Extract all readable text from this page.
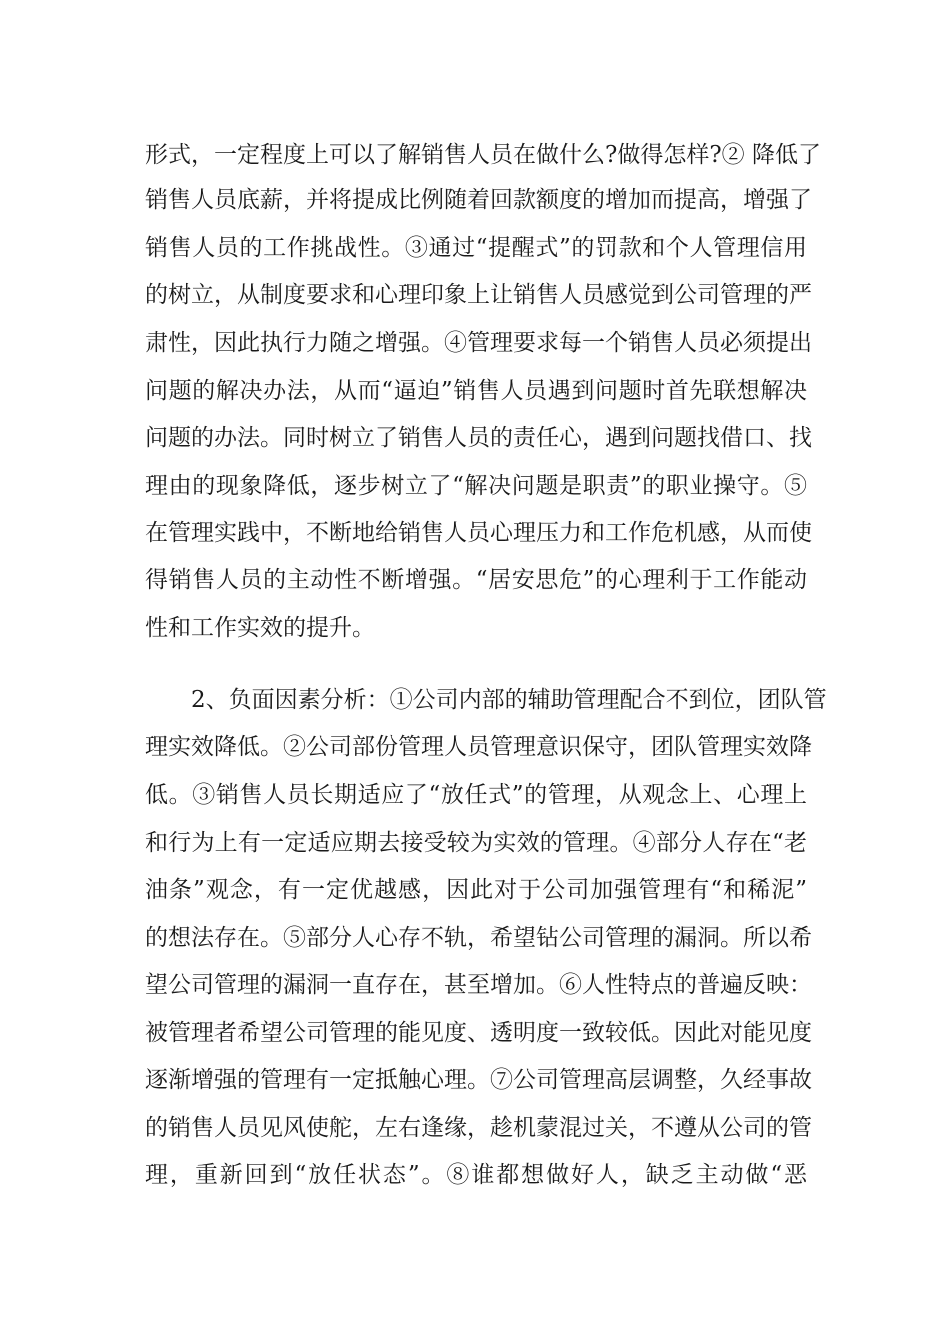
形式，一定程度上可以了解销售人员在做什么?做得怎样?② 降低了
销售人员底薪，并将提成比例随着回款额度的增加而提高，增强了
销售人员的工作挑战性。③通过“提醒式”的罚款和个人管理信用
的树立，从制度要求和心理印象上让销售人员感觉到公司管理的严
肃性，因此执行力随之增强。④管理要求每一个销售人员必须提出
问题的解决办法，从而“逼迫”销售人员遇到问题时首先联想解决
问题的办法。同时树立了销售人员的责任心，遇到问题找借口、找
理由的现象降低，逐步树立了“解决问题是职责”的职业操守。⑤
在管理实践中，不断地给销售人员心理压力和工作危机感，从而使
得销售人员的主动性不断增强。“居安思危”的心理利于工作能动
性和工作实效的提升。
2、负面因素分析：①公司内部的辅助管理配合不到位，团队管
理实效降低。②公司部份管理人员管理意识保守，团队管理实效降
低。③销售人员长期适应了“放任式”的管理，从观念上、心理上
和行为上有一定适应期去接受较为实效的管理。④部分人存在“老
油条”观念，有一定优越感，因此对于公司加强管理有“和稀泥”
的想法存在。⑤部分人心存不轨，希望钻公司管理的漏洞。所以希
望公司管理的漏洞一直存在，甚至增加。⑥人性特点的普遍反映：
被管理者希望公司管理的能见度、透明度一致较低。因此对能见度
逐渐增强的管理有一定抵触心理。⑦公司管理高层调整，久经事故
的销售人员见风使舵，左右逢缘，趁机蒙混过关，不遵从公司的管
理，重新回到“放任状态”。⑧谁都想做好人，缺乏主动做“恶
